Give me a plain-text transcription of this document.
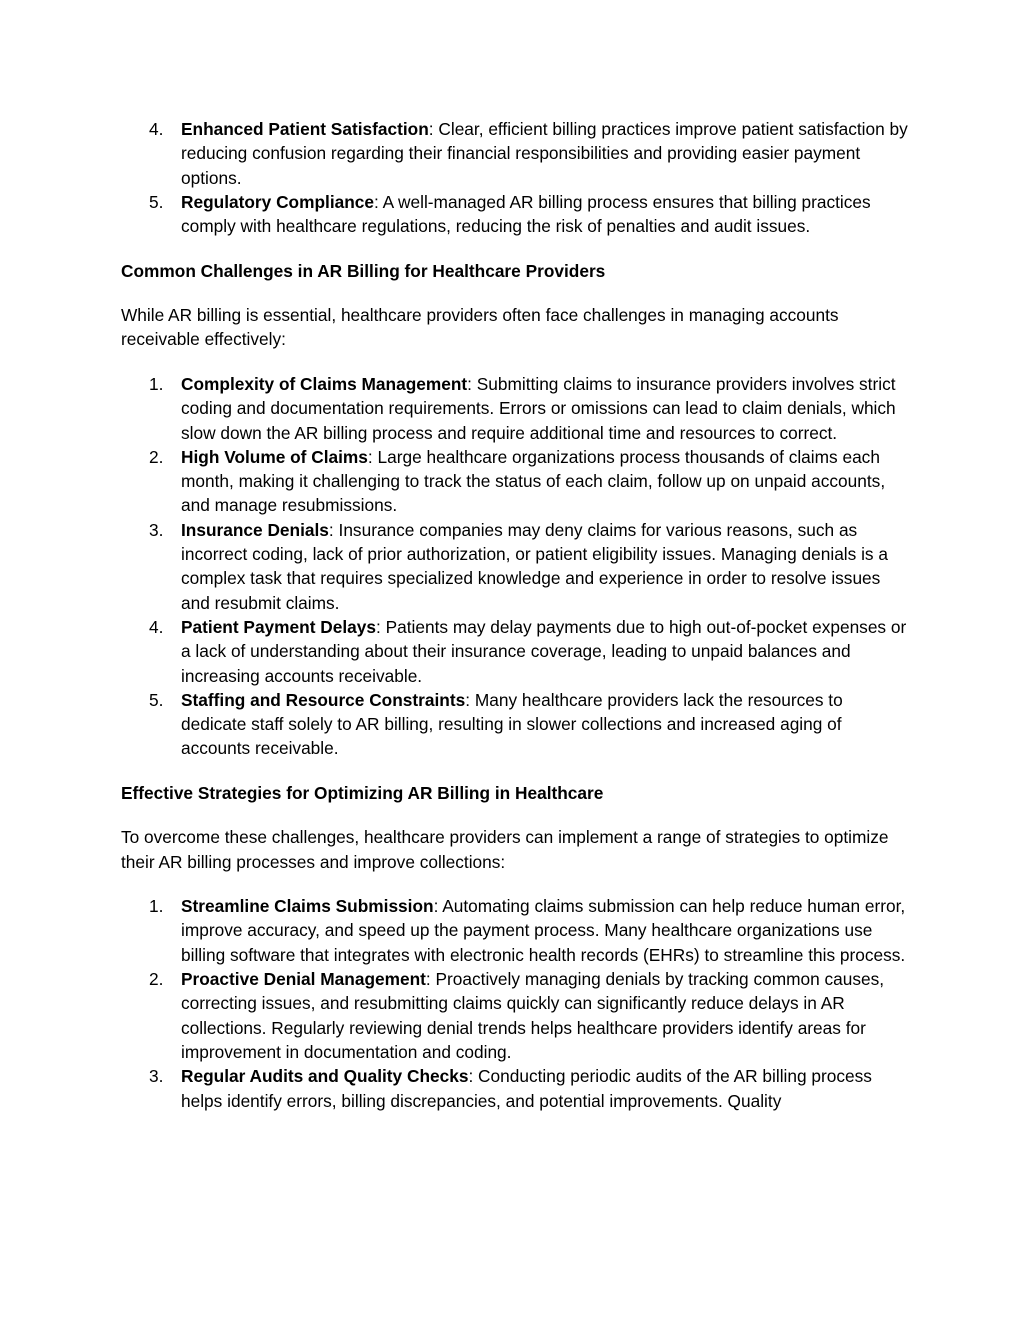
4. Enhanced Patient Satisfaction: Clear, efficient billing practices improve patient satisfaction by reducing confusion regarding their financial responsibilities and providing easier payment options.
5. Regulatory Compliance: A well-managed AR billing process ensures that billing practices comply with healthcare regulations, reducing the risk of penalties and audit issues.

Common Challenges in AR Billing for Healthcare Providers

While AR billing is essential, healthcare providers often face challenges in managing accounts receivable effectively:

1. Complexity of Claims Management: Submitting claims to insurance providers involves strict coding and documentation requirements. Errors or omissions can lead to claim denials, which slow down the AR billing process and require additional time and resources to correct.
2. High Volume of Claims: Large healthcare organizations process thousands of claims each month, making it challenging to track the status of each claim, follow up on unpaid accounts, and manage resubmissions.
3. Insurance Denials: Insurance companies may deny claims for various reasons, such as incorrect coding, lack of prior authorization, or patient eligibility issues. Managing denials is a complex task that requires specialized knowledge and experience in order to resolve issues and resubmit claims.
4. Patient Payment Delays: Patients may delay payments due to high out-of-pocket expenses or a lack of understanding about their insurance coverage, leading to unpaid balances and increasing accounts receivable.
5. Staffing and Resource Constraints: Many healthcare providers lack the resources to dedicate staff solely to AR billing, resulting in slower collections and increased aging of accounts receivable.

Effective Strategies for Optimizing AR Billing in Healthcare

To overcome these challenges, healthcare providers can implement a range of strategies to optimize their AR billing processes and improve collections:

1. Streamline Claims Submission: Automating claims submission can help reduce human error, improve accuracy, and speed up the payment process. Many healthcare organizations use billing software that integrates with electronic health records (EHRs) to streamline this process.
2. Proactive Denial Management: Proactively managing denials by tracking common causes, correcting issues, and resubmitting claims quickly can significantly reduce delays in AR collections. Regularly reviewing denial trends helps healthcare providers identify areas for improvement in documentation and coding.
3. Regular Audits and Quality Checks: Conducting periodic audits of the AR billing process helps identify errors, billing discrepancies, and potential improvements. Quality
